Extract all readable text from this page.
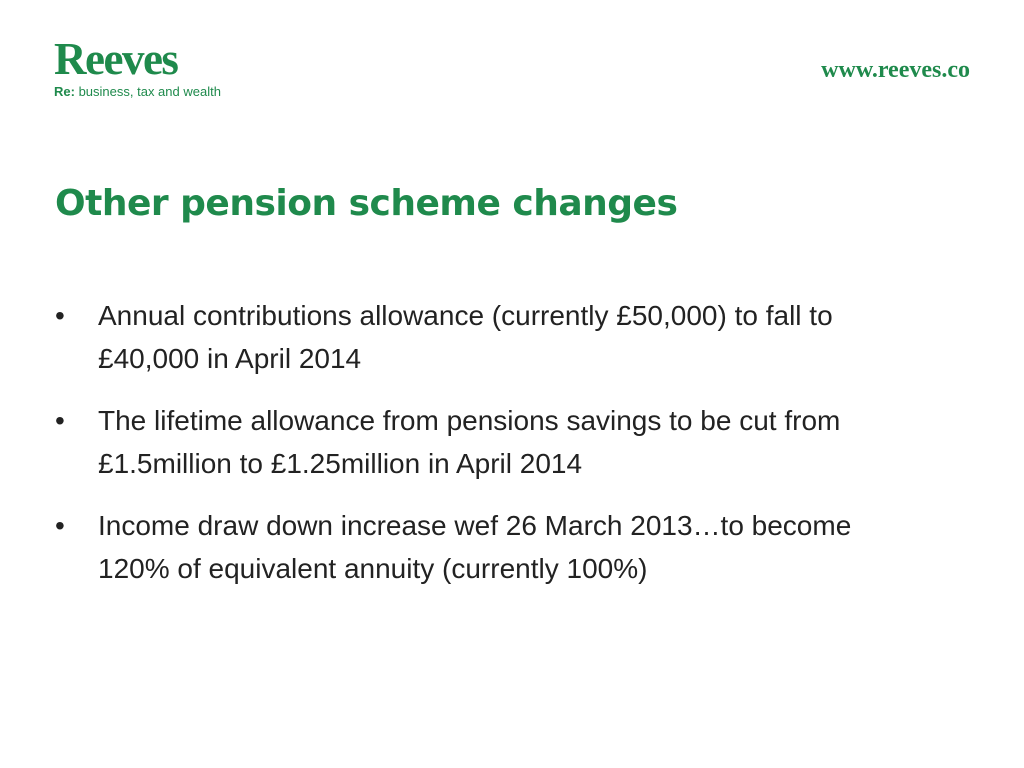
Reeves
Re: business, tax and wealth
www.reeves.co
Other pension scheme changes
•	Annual contributions allowance (currently £50,000) to fall to £40,000 in April 2014
•	The lifetime allowance from pensions savings to be cut from £1.5million to £1.25million in April 2014
•	Income draw down increase wef 26 March 2013…to become 120% of equivalent annuity (currently 100%)
